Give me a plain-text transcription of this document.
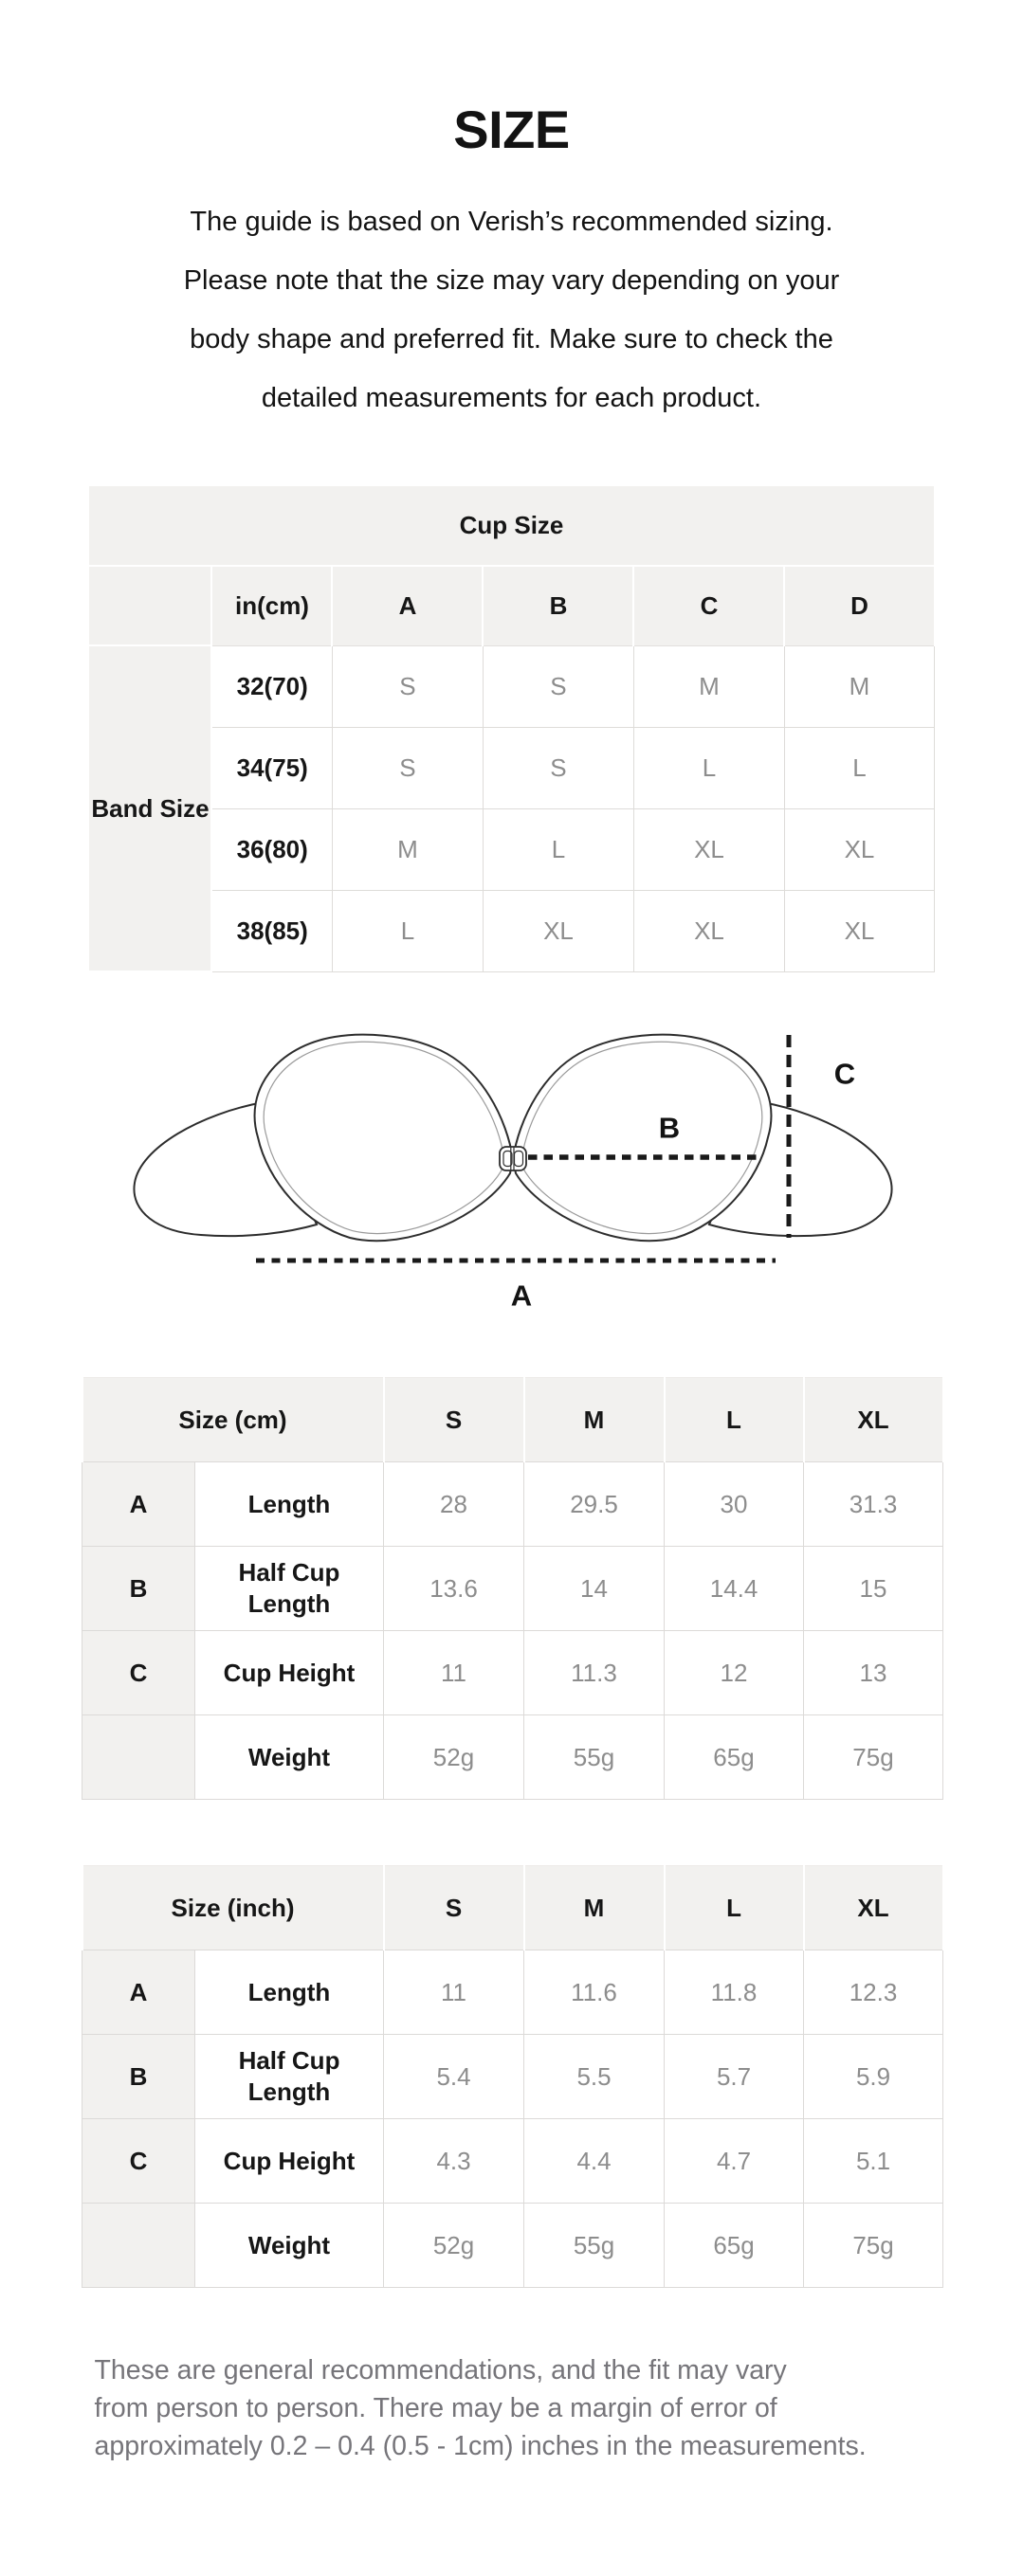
SIZE
The guide is based on Verish’s recommended sizing.
Please note that the size may vary depending on your
body shape and preferred fit. Make sure to check the
detailed measurements for each product.
Cup Size					
	in(cm)	A	B	C	D
Band Size	32(70)	S	S	M	M
	34(75)	S	S	L	L
	36(80)	M	L	XL	XL
	38(85)	L	XL	XL	XL
A
B
C
Size (cm)		S	M	L	XL
A	Length	28	29.5	30	31.3
B	Half Cup Length	13.6	14	14.4	15
C	Cup Height	11	11.3	12	13
	Weight	52g	55g	65g	75g
Size (inch)		S	M	L	XL
A	Length	11	11.6	11.8	12.3
B	Half Cup Length	5.4	5.5	5.7	5.9
C	Cup Height	4.3	4.4	4.7	5.1
	Weight	52g	55g	65g	75g
These are general recommendations, and the fit may vary
from person to person. There may be a margin of error of
approximately 0.2 – 0.4 (0.5 - 1cm) inches in the measurements.
